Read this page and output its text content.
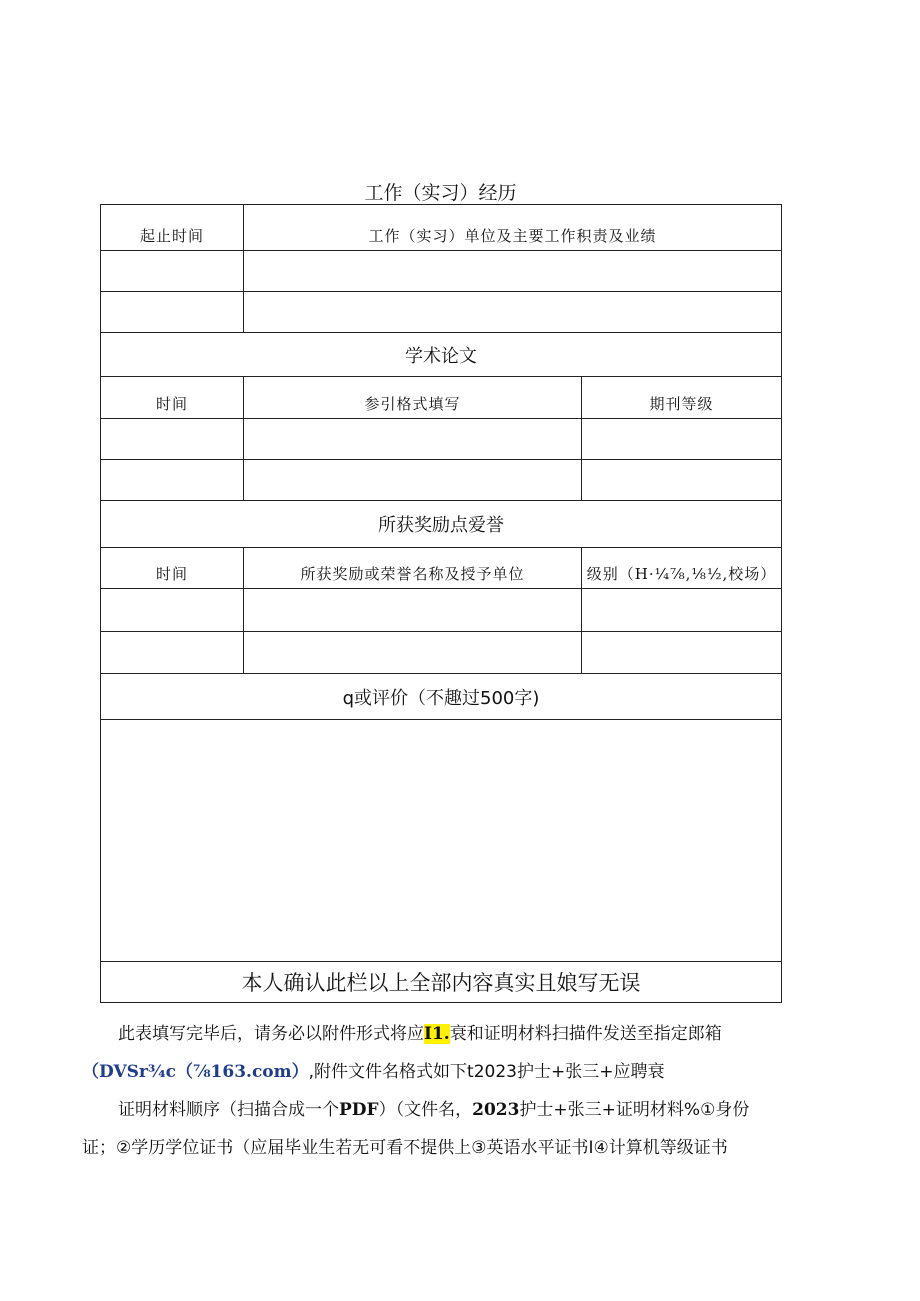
工作（实习）经历
起止时间	工作（实习）单位及主要工作积责及业绩	

学术论文		
时间	参引格式填写	期刊等级

所获奖励点爱誉		
时间	所获奖励或荣誉名称及授予单位	级别（H·¼⅞,⅛½,校场）

q或评价（不趣过500字)		

本人确认此栏以上全部内容真实且娘写无误		

此表填写完毕后，请务必以附件形式将应I1.衰和证明材料扫描件发送至指定郎箱

（DVSr¾c（⅞163.com）,附件文件名格式如下t2023护士+张三+应聘衰

证明材料顺序（扫描合成一个PDF）（文件名，2023护士+张三+证明材料%①身份

证；②学历学位证书（应届毕业生若无可看不提供上③英语水平证书I④计算机等级证书
